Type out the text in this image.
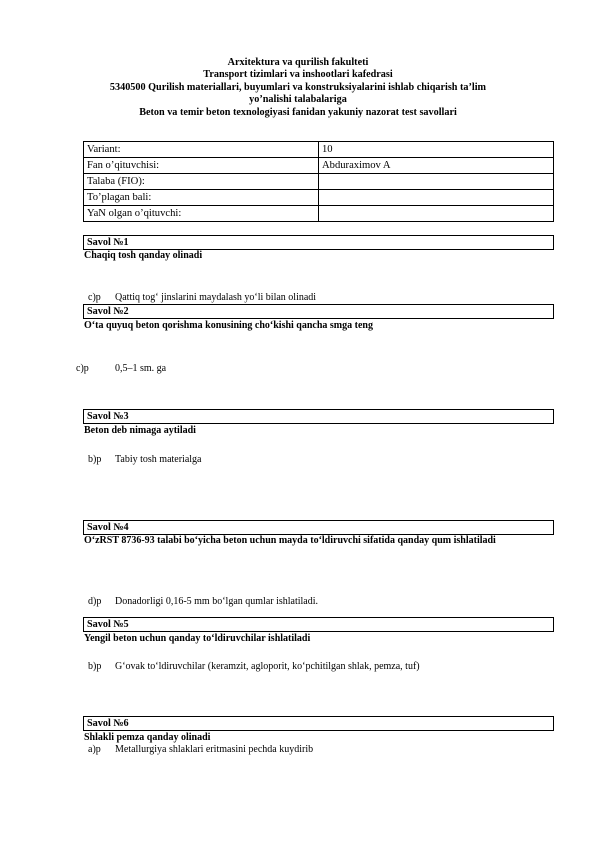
Arxitektura va qurilish fakulteti
Transport tizimlari va inshootlari kafedrasi
5340500 Qurilish materiallari, buyumlari va konstruksiyalarini ishlab chiqarish ta’lim
yo’nalishi talabalariga
Beton va temir beton texnologiyasi fanidan yakuniy nazorat test savollari
Variant:	10
Fan o’qituvchisi:	Abduraximov A
Talaba (FIO):	
To’plagan bali:	
YaN olgan o’qituvchi:	
Savol №1
Chaqiq tosh qanday olinadi
c)p Qattiq tog‘ jinslarini maydalash yo‘li bilan olinadi
Savol №2
O‘ta quyuq beton qorishma konusining cho‘kishi qancha smga teng
c)p	0,5–1 sm. ga
Savol №3
Beton deb nimaga aytiladi
b)p Tabiy tosh materialga
Savol №4
O‘zRST 8736-93 talabi bo‘yicha beton uchun mayda to‘ldiruvchi sifatida qanday qum ishlatiladi
d)p Donadorligi 0,16-5 mm bo‘lgan qumlar ishlatiladi.
Savol №5
Yengil beton uchun qanday to‘ldiruvchilar ishlatiladi
b)p G‘ovak to‘ldiruvchilar (keramzit, agloporit, ko‘pchitilgan shlak, pemza, tuf)
Savol №6
Shlakli pemza qanday olinadi
a)p Metallurgiya shlaklari eritmasini pechda kuydirib
